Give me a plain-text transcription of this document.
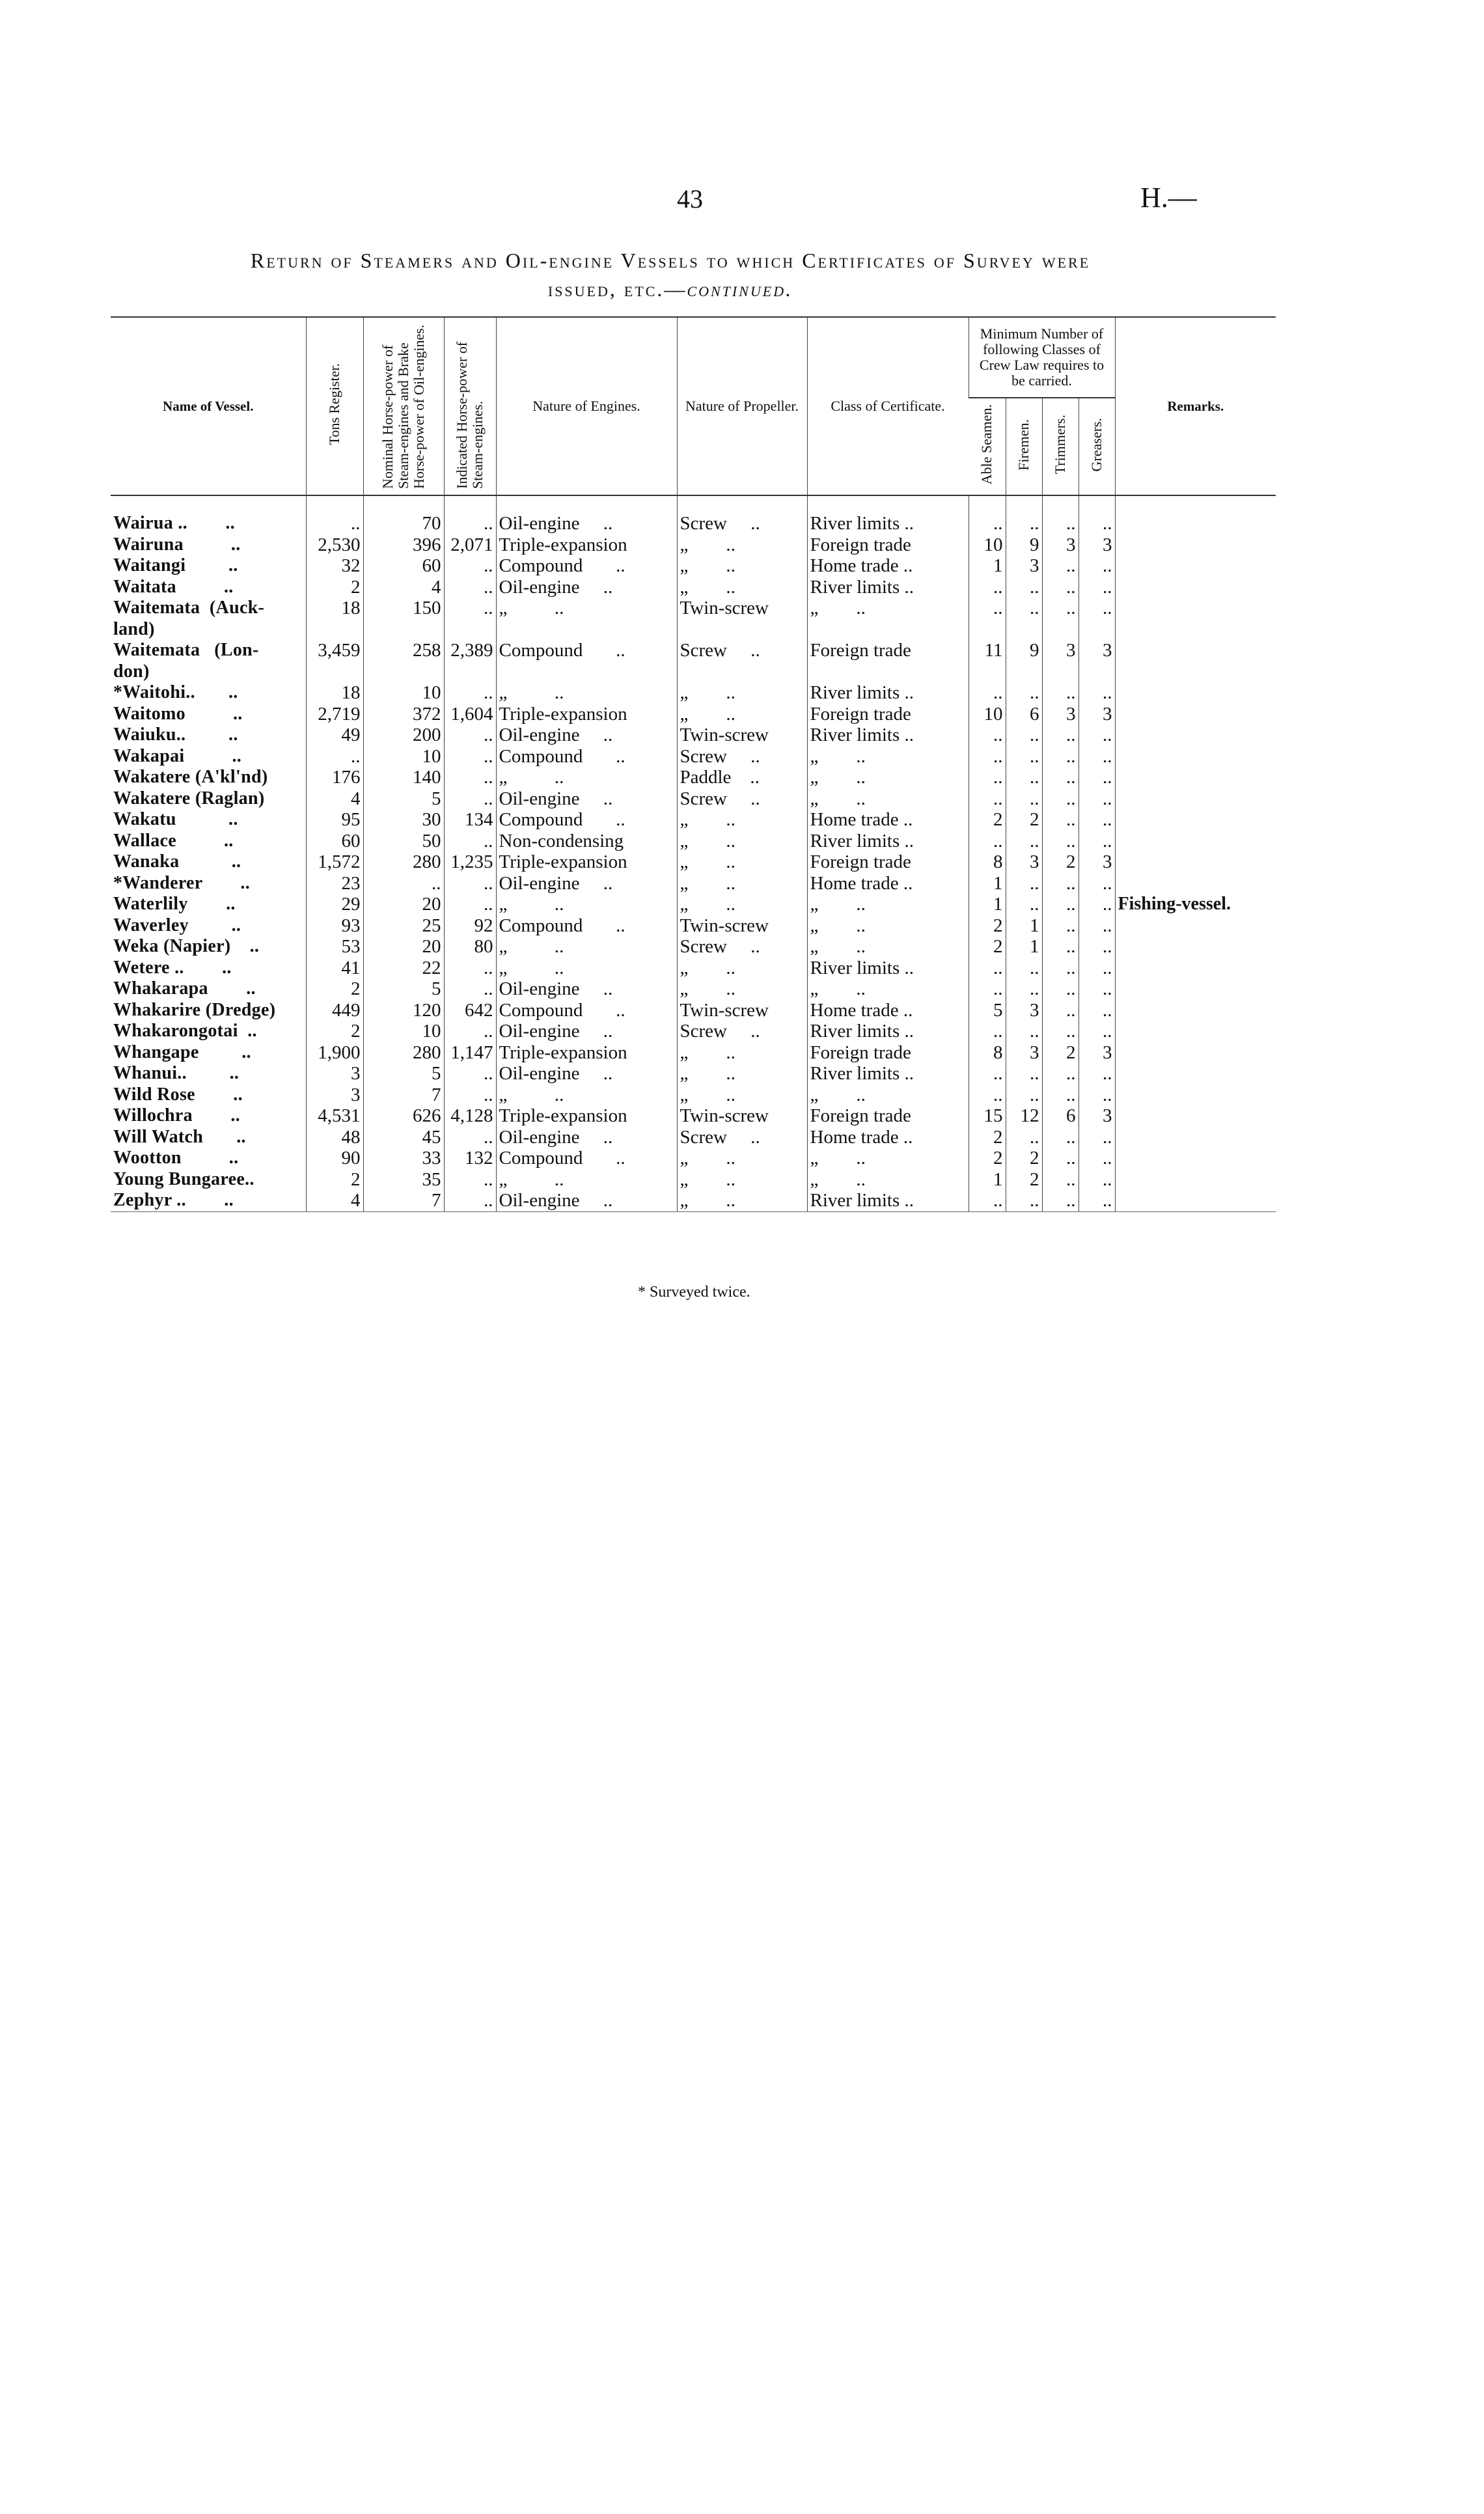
43	H.—
Return of Steamers and Oil-engine Vessels to which Certificates of Survey were
issued, etc.—continued.
Name of Vessel.	Tons Register.	Nominal Horse-power of Steam-engines and Brake Horse-power of Oil-engines.	Indicated Horse-power of Steam-engines.	Nature of Engines.	Nature of Propeller.	Class of Certificate.	Minimum Number of following Classes of Crew Law requires to be carried.				Remarks.
							Able Seamen.	Firemen.	Trimmers.	Greasers.	

Wairua ..        ..	..	70	..	Oil-engine     ..	Screw     ..	River limits ..	..	..	..	..	
Wairuna          ..	2,530	396	2,071	Triple-expansion	„        ..	Foreign trade	10	9	3	3	
Waitangi         ..	32	60	..	Compound       ..	„        ..	Home trade ..	1	3	..	..	
Waitata          ..	2	4	..	Oil-engine     ..	„        ..	River limits ..	..	..	..	..	
Waitemata  (Auck-	18	150	..	„          ..	Twin-screw	„        ..	..	..	..	..	
land)											
Waitemata   (Lon-	3,459	258	2,389	Compound       ..	Screw     ..	Foreign trade	11	9	3	3	
don)											
*Waitohi..       ..	18	10	..	„          ..	„        ..	River limits ..	..	..	..	..	
Waitomo          ..	2,719	372	1,604	Triple-expansion	„        ..	Foreign trade	10	6	3	3	
Waiuku..         ..	49	200	..	Oil-engine     ..	Twin-screw	River limits ..	..	..	..	..	
Wakapai          ..	..	10	..	Compound       ..	Screw     ..	„        ..	..	..	..	..	
Wakatere (A'kl'nd)	176	140	..	„          ..	Paddle    ..	„        ..	..	..	..	..	
Wakatere (Raglan)	4	5	..	Oil-engine     ..	Screw     ..	„        ..	..	..	..	..	
Wakatu           ..	95	30	134	Compound       ..	„        ..	Home trade ..	2	2	..	..	
Wallace          ..	60	50	..	Non-condensing	„        ..	River limits ..	..	..	..	..	
Wanaka           ..	1,572	280	1,235	Triple-expansion	„        ..	Foreign trade	8	3	2	3	
*Wanderer        ..	23	..	..	Oil-engine     ..	„        ..	Home trade ..	1	..	..	..	
Waterlily        ..	29	20	..	„          ..	„        ..	„        ..	1	..	..	..	Fishing-vessel.
Waverley         ..	93	25	92	Compound       ..	Twin-screw	„        ..	2	1	..	..	
Weka (Napier)    ..	53	20	80	„          ..	Screw     ..	„        ..	2	1	..	..	
Wetere ..        ..	41	22	..	„          ..	„        ..	River limits ..	..	..	..	..	
Whakarapa        ..	2	5	..	Oil-engine     ..	„        ..	„        ..	..	..	..	..	
Whakarire (Dredge)	449	120	642	Compound       ..	Twin-screw	Home trade ..	5	3	..	..	
Whakarongotai  ..	2	10	..	Oil-engine     ..	Screw     ..	River limits ..	..	..	..	..	
Whangape         ..	1,900	280	1,147	Triple-expansion	„        ..	Foreign trade	8	3	2	3	
Whanui..         ..	3	5	..	Oil-engine     ..	„        ..	River limits ..	..	..	..	..	
Wild Rose        ..	3	7	..	„          ..	„        ..	„        ..	..	..	..	..	
Willochra        ..	4,531	626	4,128	Triple-expansion	Twin-screw	Foreign trade	15	12	6	3	
Will Watch       ..	48	45	..	Oil-engine     ..	Screw     ..	Home trade ..	2	..	..	..	
Wootton          ..	90	33	132	Compound       ..	„        ..	„        ..	2	2	..	..	
Young Bungaree..	2	35	..	„          ..	„        ..	„        ..	1	2	..	..	
Zephyr ..        ..	4	7	..	Oil-engine     ..	„        ..	River limits ..	..	..	..	..	
* Surveyed twice.
